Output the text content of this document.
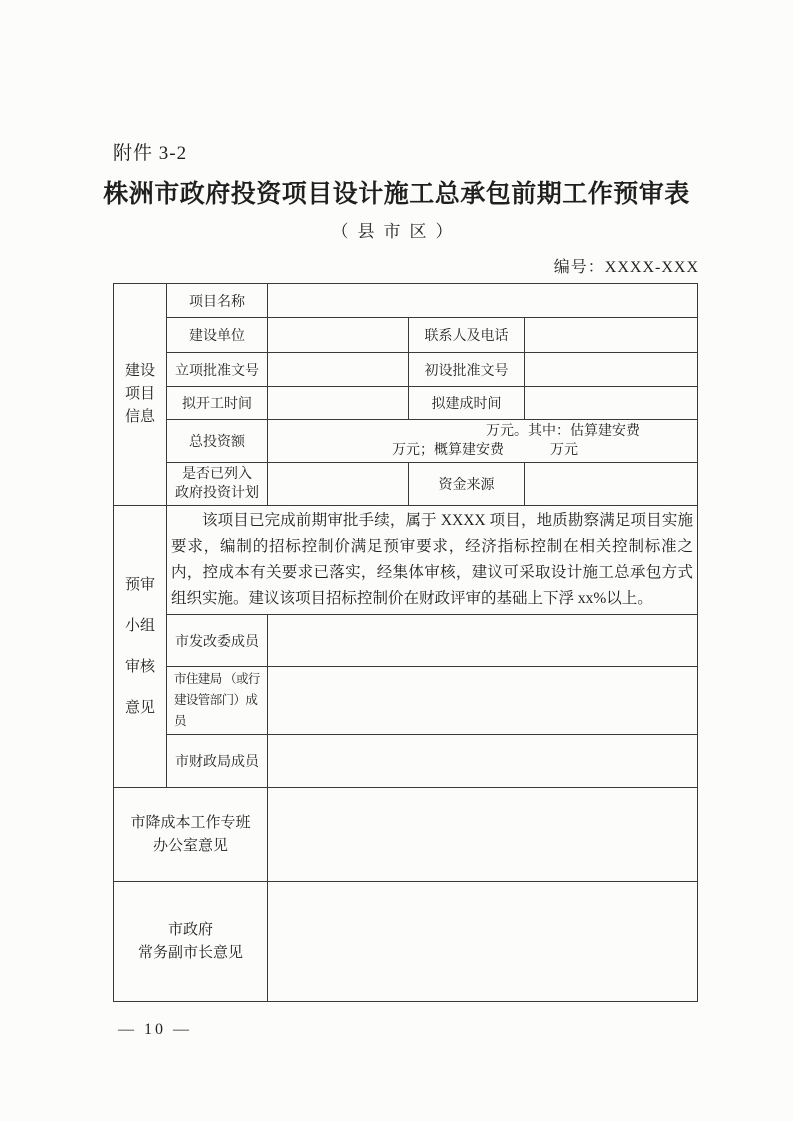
附件 3-2
株洲市政府投资项目设计施工总承包前期工作预审表
（县市区）
编号：XXXX-XXX
建设
项目
信息	项目名称			
	建设单位		联系人及电话	
	立项批准文号		初设批准文号	
	拟开工时间		拟建成时间	
	总投资额	万元。其中：估算建安费
万元；概算建安费 万元		

	是否已列入
政府投资计划		资金来源	

预审
小组
审核
意见	该项目已完成前期审批手续，属于 XXXX 项目，地质勘察满足项目实施要求，编制的招标控制价满足预审要求，经济指标控制在相关控制标准之内，控成本有关要求已落实，经集体审核，建议可采取设计施工总承包方式组织实施。建议该项目招标控制价在财政评审的基础上下浮 xx%以上。			

	市发改委成员			

	市住建局 （或行
建设管部门）成员			

	市财政局成员			

市降成本工作专班
办公室意见				

市政府
常务副市长意见				

— 10 —
